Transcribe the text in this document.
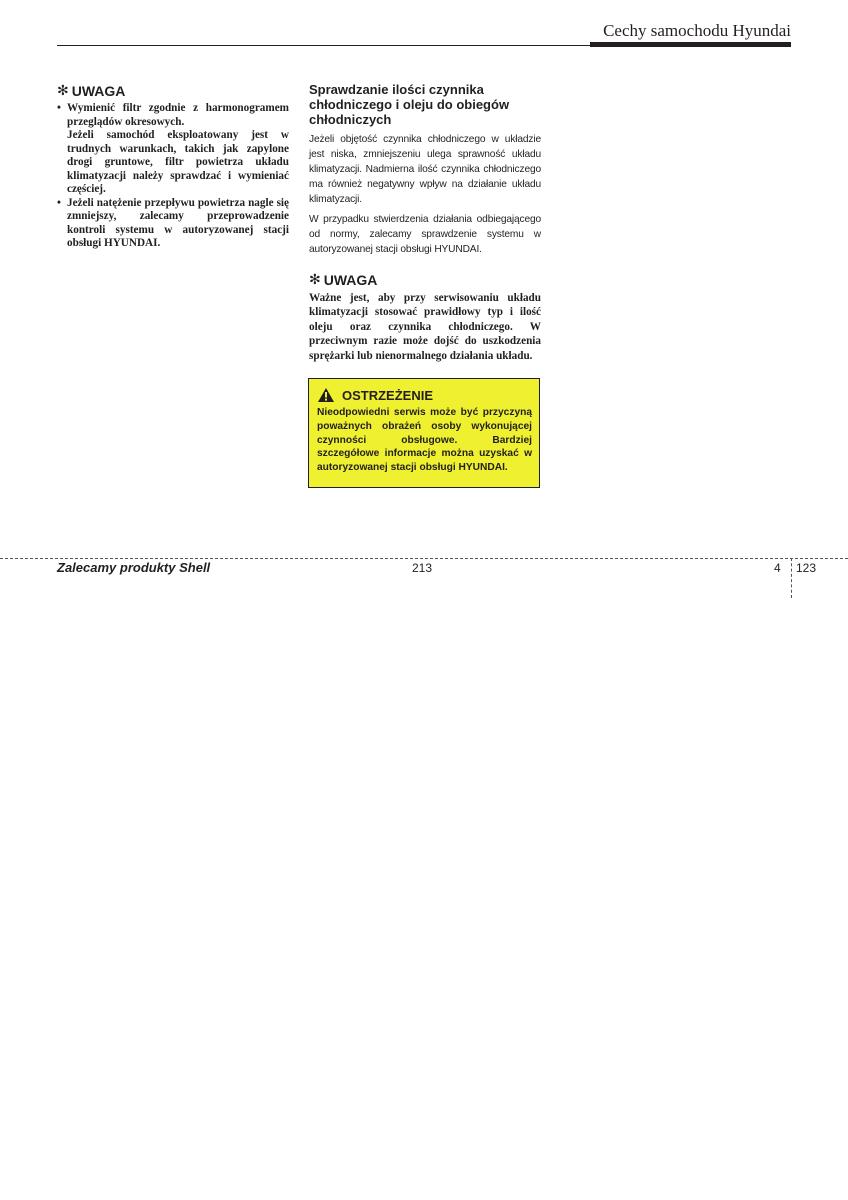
Cechy samochodu Hyundai
✻ UWAGA
• Wymienić filtr zgodnie z harmonogramem przeglądów okresowych.

Jeżeli samochód eksploatowany jest w trudnych warunkach, takich jak zapylone drogi gruntowe, filtr powietrza układu klimatyzacji należy sprawdzać i wymieniać częściej.

• Jeżeli natężenie przepływu powietrza nagle się zmniejszy, zalecamy przeprowadzenie kontroli systemu w autoryzowanej stacji obsługi HYUNDAI.

Sprawdzanie ilości czynnika chłodniczego i oleju do obiegów chłodniczych

Jeżeli objętość czynnika chłodniczego w układzie jest niska, zmniejszeniu ulega sprawność układu klimatyzacji. Nadmierna ilość czynnika chłodniczego ma również negatywny wpływ na działanie układu klimatyzacji.

W przypadku stwierdzenia działania odbiegającego od normy, zalecamy sprawdzenie systemu w autoryzowanej stacji obsługi HYUNDAI.

✻ UWAGA

Ważne jest, aby przy serwisowaniu układu klimatyzacji stosować prawidłowy typ i ilość oleju oraz czynnika chłodniczego. W przeciwnym razie może dojść do uszkodzenia sprężarki lub nienormalnego działania układu.

OSTRZEŻENIE

Nieodpowiedni serwis może być przyczyną poważnych obrażeń osoby wykonującej czynności obsługowe. Bardziej szczegółowe informacje można uzyskać w autoryzowanej stacji obsługi HYUNDAI.

Zalecamy produkty Shell	213	4 123
